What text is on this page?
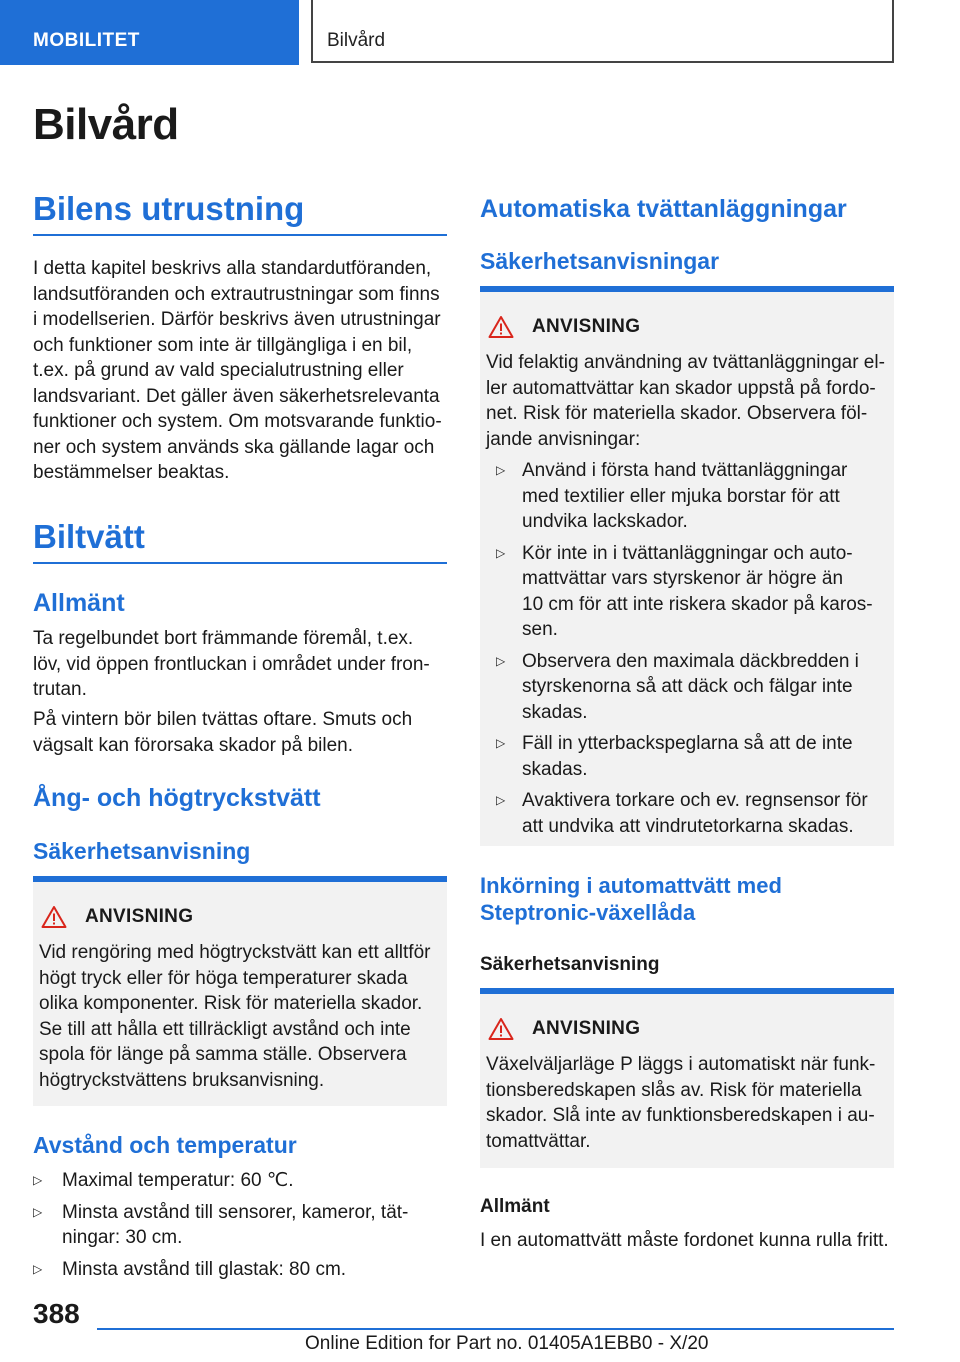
MOBILITET	Bilvård
Bilvård
Bilens utrustning

I detta kapitel beskrivs alla standardutföranden,
landsutföranden och extrautrustningar som finns
i modellserien. Därför beskrivs även utrustningar
och funktioner som inte är tillgängliga i en bil,
t.ex. på grund av vald specialutrustning eller
landsvariant. Det gäller även säkerhetsrelevanta
funktioner och system. Om motsvarande funktio-
ner och system används ska gällande lagar och
bestämmelser beaktas.

Biltvätt
Allmänt

Ta regelbundet bort främmande föremål, t.ex.
löv, vid öppen frontluckan i området under fron-
trutan.

På vintern bör bilen tvättas oftare. Smuts och
vägsalt kan förorsaka skador på bilen.

Ång- och högtryckstvätt
Säkerhetsanvisning
ANVISNING

Vid rengöring med högtryckstvätt kan ett alltför
högt tryck eller för höga temperaturer skada
olika komponenter. Risk för materiella skador.
Se till att hålla ett tillräckligt avstånd och inte
spola för länge på samma ställe. Observera
högtryckstvättens bruksanvisning.

Avstånd och temperatur
▷	Maximal temperatur: 60 ℃.
▷	Minsta avstånd till sensorer, kameror, tät-
ningar: 30 cm.
▷	Minsta avstånd till glastak: 80 cm.
Automatiska tvättanläggningar
Säkerhetsanvisningar
ANVISNING

Vid felaktig användning av tvättanläggningar el-
ler automattvättar kan skador uppstå på fordo-
net. Risk för materiella skador. Observera föl-
jande anvisningar:

▷ Använd i första hand tvättanläggningar
med textilier eller mjuka borstar för att
undvika lackskador.
▷ Kör inte in i tvättanläggningar och auto-
mattvättar vars styrskenor är högre än
10 cm för att inte riskera skador på karos-
sen.
▷ Observera den maximala däckbredden i
styrskenorna så att däck och fälgar inte
skadas.
▷ Fäll in ytterbackspeglarna så att de inte
skadas.
▷ Avaktivera torkare och ev. regnsensor för
att undvika att vindrutetorkarna skadas.
Inkörning i automattvätt med
Steptronic-växellåda
Säkerhetsanvisning
ANVISNING

Växelväljarläge P läggs i automatiskt när funk-
tionsberedskapen slås av. Risk för materiella
skador. Slå inte av funktionsberedskapen i au-
tomattvättar.

Allmänt

I en automattvätt måste fordonet kunna rulla fritt.

388
Online Edition for Part no. 01405A1EBB0 - X/20
